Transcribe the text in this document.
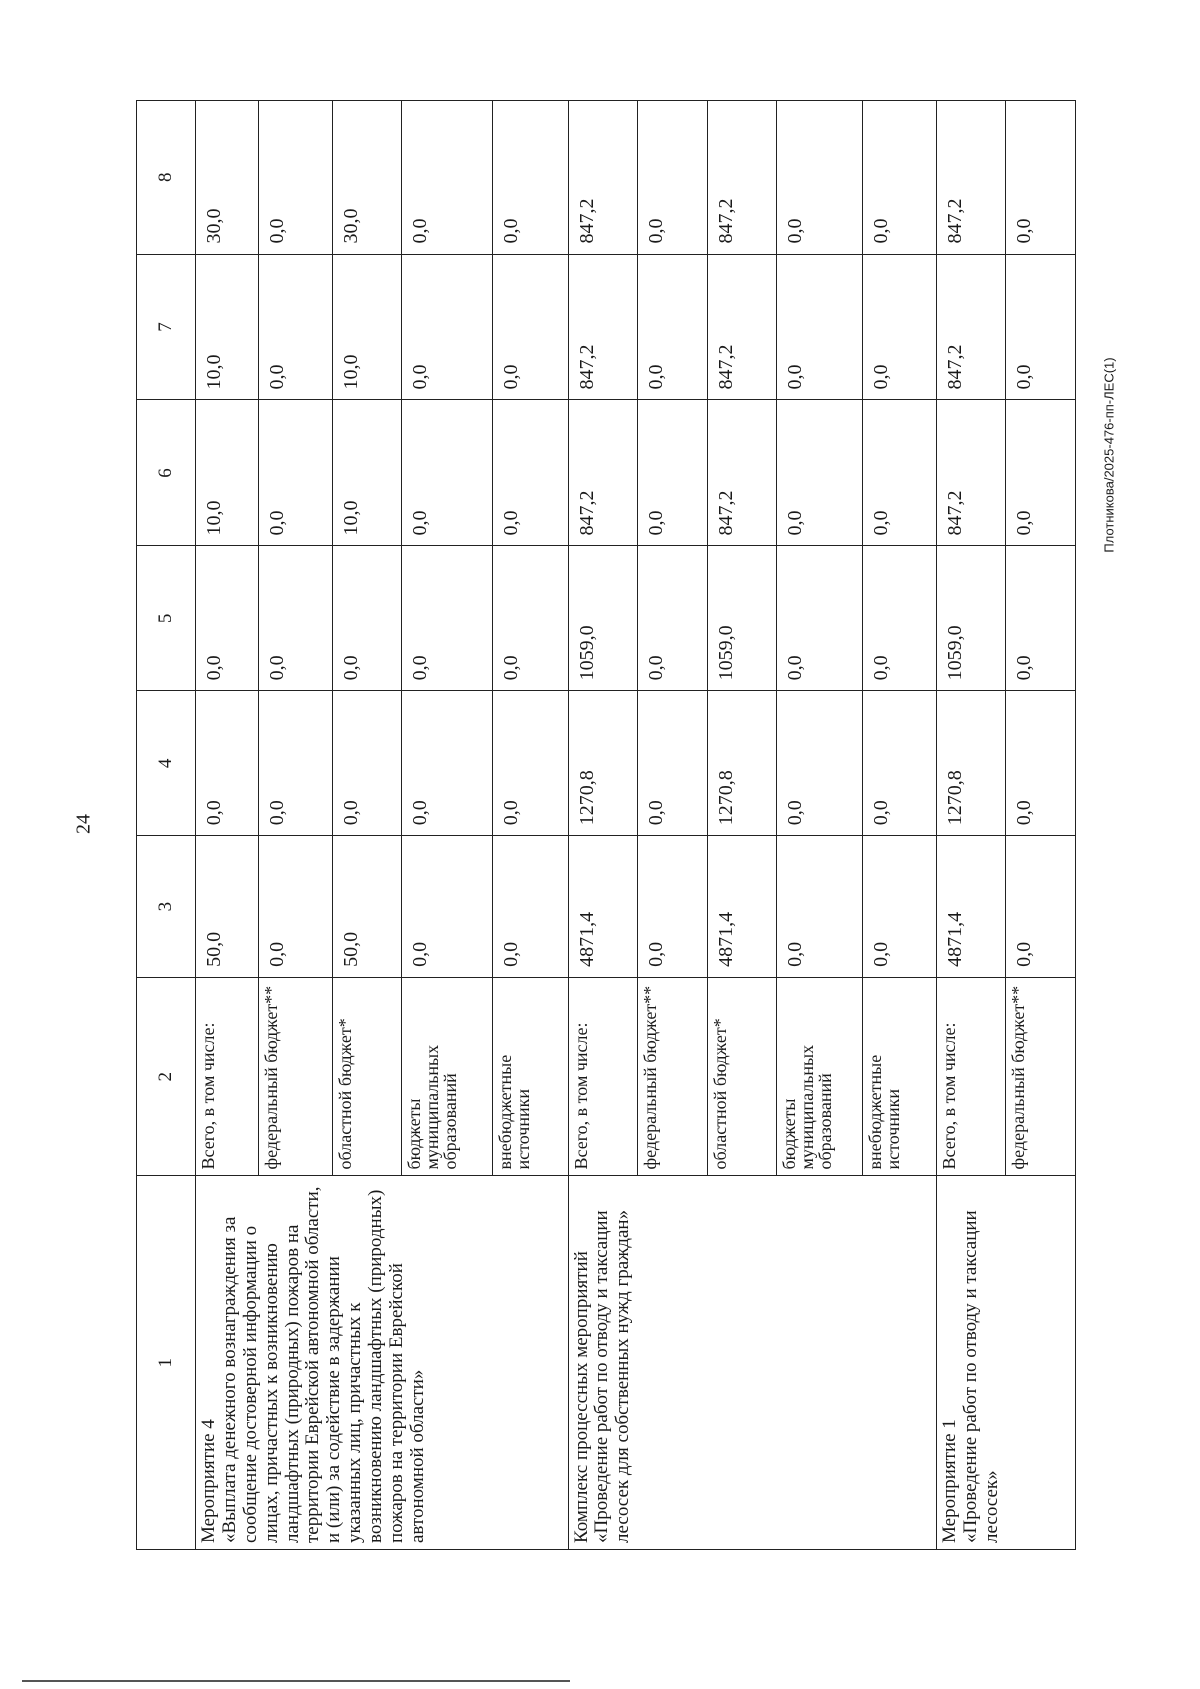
24
Плотникова/2025-476-пп-ЛЕС(1)
1	2	3	4	5	6	7	8
Мероприятие 4
«Выплата денежного вознаграждения за сообщение достоверной информации о лицах, причастных к возникновению ландшафтных (природных) пожаров на территории Еврейской автономной области, и (или) за содействие в задержании указанных лиц, причастных к возникновению ландшафтных (природных) пожаров на территории Еврейской автономной области»	Всего, в том числе:	50,0	0,0	0,0	10,0	10,0	30,0
	федеральный бюджет**	0,0	0,0	0,0	0,0	0,0	0,0
	областной бюджет*	50,0	0,0	0,0	10,0	10,0	30,0
	бюджеты муниципальных образований	0,0	0,0	0,0	0,0	0,0	0,0
	внебюджетные источники	0,0	0,0	0,0	0,0	0,0	0,0
Комплекс процессных мероприятий «Проведение работ по отводу и таксации лесосек для собственных нужд граждан»	Всего, в том числе:	4871,4	1270,8	1059,0	847,2	847,2	847,2
	федеральный бюджет**	0,0	0,0	0,0	0,0	0,0	0,0
	областной бюджет*	4871,4	1270,8	1059,0	847,2	847,2	847,2
	бюджеты муниципальных образований	0,0	0,0	0,0	0,0	0,0	0,0
	внебюджетные источники	0,0	0,0	0,0	0,0	0,0	0,0
Мероприятие 1
«Проведение работ по отводу и таксации лесосек»	Всего, в том числе:	4871,4	1270,8	1059,0	847,2	847,2	847,2
	федеральный бюджет**	0,0	0,0	0,0	0,0	0,0	0,0
